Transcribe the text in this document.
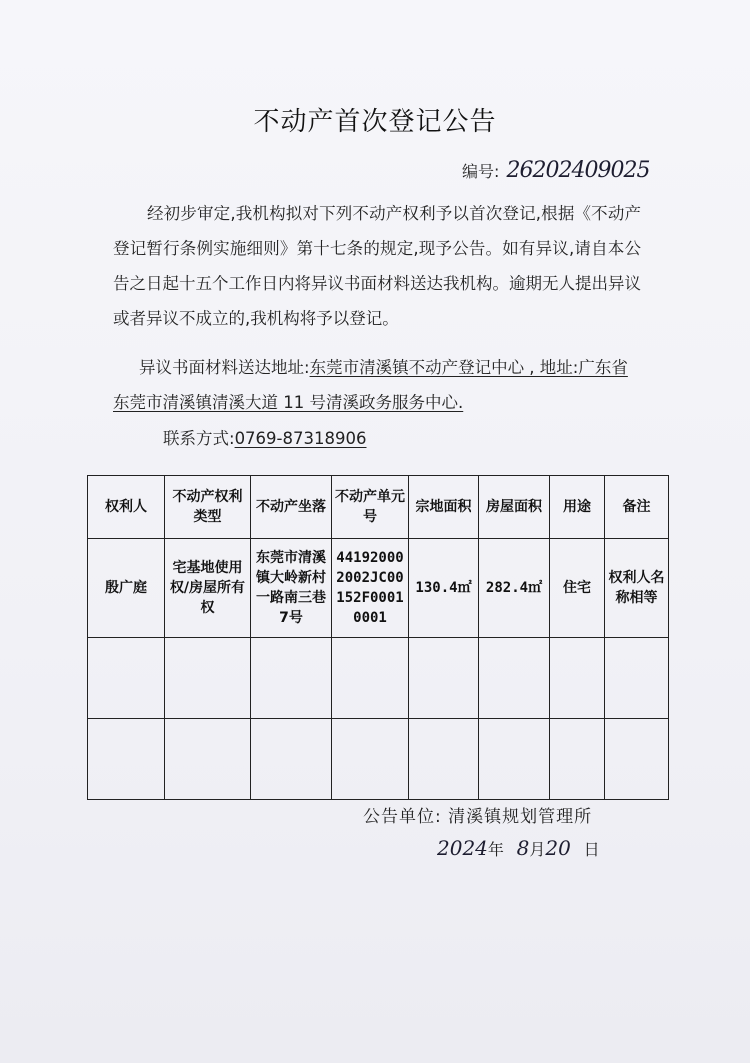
不动产首次登记公告
编号: 26202409025
经初步审定,我机构拟对下列不动产权利予以首次登记,根据《不动产登记暂行条例实施细则》第十七条的规定,现予公告。如有异议,请自本公告之日起十五个工作日内将异议书面材料送达我机构。逾期无人提出异议或者异议不成立的,我机构将予以登记。
异议书面材料送达地址:东莞市清溪镇不动产登记中心 , 地址:广东省东莞市清溪镇清溪大道 11 号清溪政务服务中心.
联系方式:0769-87318906
权利人	不动产权利类型	不动产坐落	不动产单元号	宗地面积	房屋面积	用途	备注
殷广庭	宅基地使用权/房屋所有权	东莞市清溪镇大岭新村一路南三巷7号	441920002002JC00152F00010001	130.4㎡	282.4㎡	住宅	权利人名称相等

公告单位: 清溪镇规划管理所
2024年 8月20 日
